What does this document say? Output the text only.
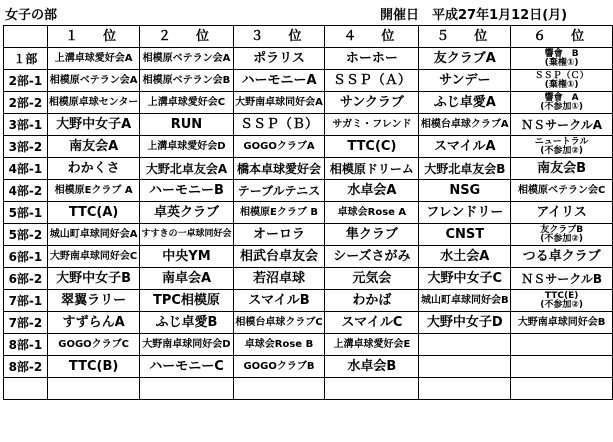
女子の部	開催日　平成27年1月12日(月)
	１　位	２　位	３　位	４　位	５　位	６　位
１部	上溝卓球愛好会A	相模原ベテラン会A	ポラリス	ホーホー	友クラブA	響會　B
(棄権①)

2部-1	相模原ベテラン会A	相模原ベテラン会B	ハーモニーA	ＳＳＰ（Ａ）	サンデー	ＳＳＰ（Ｃ）
(棄権①)

2部-2	相模原卓球センター	上溝卓球愛好会C	大野南卓球同好会A	サンクラブ	ふじ卓愛A	響會　A
(不参加①)

3部-1	大野中女子A	RUN	ＳＳＰ（Ｂ）	サガミ・フレンド	相模台卓球クラブA	ＮＳサークルA
3部-2	南友会A	上溝卓球愛好会D	GOGOクラブA	TTC(C)	スマイルA	ニュートラル
(不参加②)

4部-1	わかくさ	大野北卓友会A	橋本卓球愛好会	相模原ドリーム	大野北卓友会B	南友会B
4部-2	相模原Eクラブ A	ハーモニーB	テーブルテニス	水卓会A	NSG	相模原ベテラン会C
5部-1	TTC(A)	卓英クラブ	相模原Eクラブ B	卓球会Rose A	フレンドリー	アイリス
5部-2	城山町卓球同好会A	すすきの一卓球同好会	オーロラ	隼クラブ	CNST	友クラブB
(不参加②)

6部-1	大野南卓球同好会C	中央YM	相武台卓友会	シーズさがみ	水土会A	つる卓クラブ
6部-2	大野中女子B	南卓会A	若沼卓球	元気会	大野中女子C	ＮＳサークルB
7部-1	翠翼ラリー	TPC相模原	スマイルB	わかば	城山町卓球同好会B	TTC(E)
(不参加②)

7部-2	すずらんA	ふじ卓愛B	相模台卓球クラブC	スマイルC	大野中女子D	大野南卓球同好会B
8部-1	GOGOクラブC	大野南卓球同好会D	卓球会Rose B	上溝卓球愛好会E		
8部-2	TTC(B)	ハーモニーC	GOGOクラブB	水卓会B		
